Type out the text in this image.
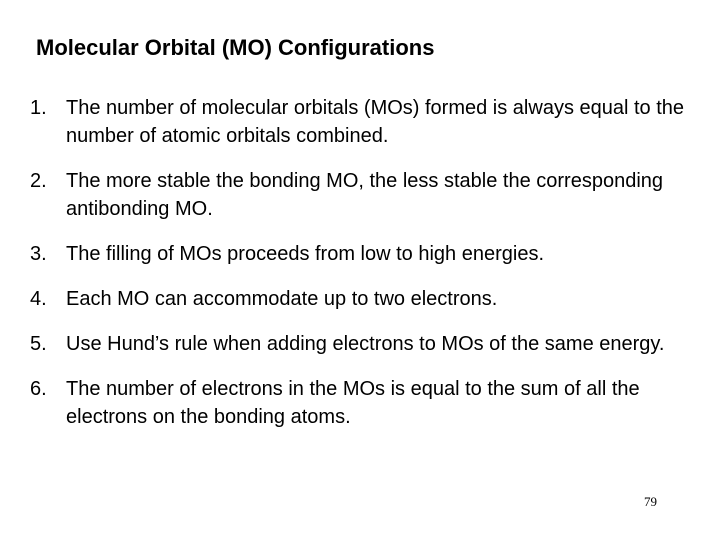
Molecular Orbital (MO) Configurations
1. The number of molecular orbitals (MOs) formed is always equal to the number of atomic orbitals combined.
2. The more stable the bonding MO, the less stable the corresponding antibonding MO.
3. The filling of MOs proceeds from low to high energies.
4. Each MO can accommodate up to two electrons.
5. Use Hund’s rule when adding electrons to MOs of the same energy.
6. The number of electrons in the MOs is equal to the sum of all the electrons on the bonding atoms.
79
